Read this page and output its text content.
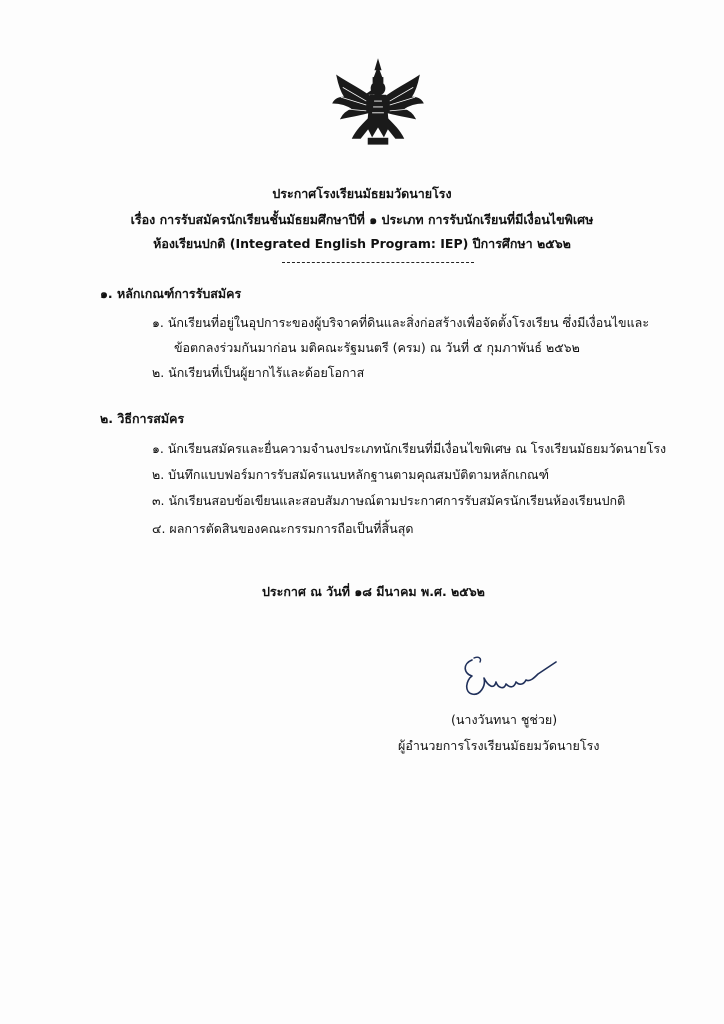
ประกาศโรงเรียนมัธยมวัดนายโรง
เรื่อง การรับสมัครนักเรียนชั้นมัธยมศึกษาปีที่ ๑ ประเภท การรับนักเรียนที่มีเงื่อนไขพิเศษ
ห้องเรียนปกติ (Integrated English Program: IEP) ปีการศึกษา ๒๕๖๒
๑. หลักเกณฑ์การรับสมัคร
๑. นักเรียนที่อยู่ในอุปการะของผู้บริจาคที่ดินและสิ่งก่อสร้างเพื่อจัดตั้งโรงเรียน ซึ่งมีเงื่อนไขและ
ข้อตกลงร่วมกันมาก่อน มติคณะรัฐมนตรี (ครม) ณ วันที่ ๕ กุมภาพันธ์ ๒๕๖๒
๒. นักเรียนที่เป็นผู้ยากไร้และด้อยโอกาส
๒. วิธีการสมัคร
๑. นักเรียนสมัครและยื่นความจำนงประเภทนักเรียนที่มีเงื่อนไขพิเศษ ณ โรงเรียนมัธยมวัดนายโรง
๒. บันทึกแบบฟอร์มการรับสมัครแนบหลักฐานตามคุณสมบัติตามหลักเกณฑ์
๓. นักเรียนสอบข้อเขียนและสอบสัมภาษณ์ตามประกาศการรับสมัครนักเรียนห้องเรียนปกติ
๔. ผลการตัดสินของคณะกรรมการถือเป็นที่สิ้นสุด
ประกาศ ณ วันที่ ๑๘ มีนาคม พ.ศ. ๒๕๖๒
(นางวันทนา ชูช่วย)
ผู้อำนวยการโรงเรียนมัธยมวัดนายโรง
